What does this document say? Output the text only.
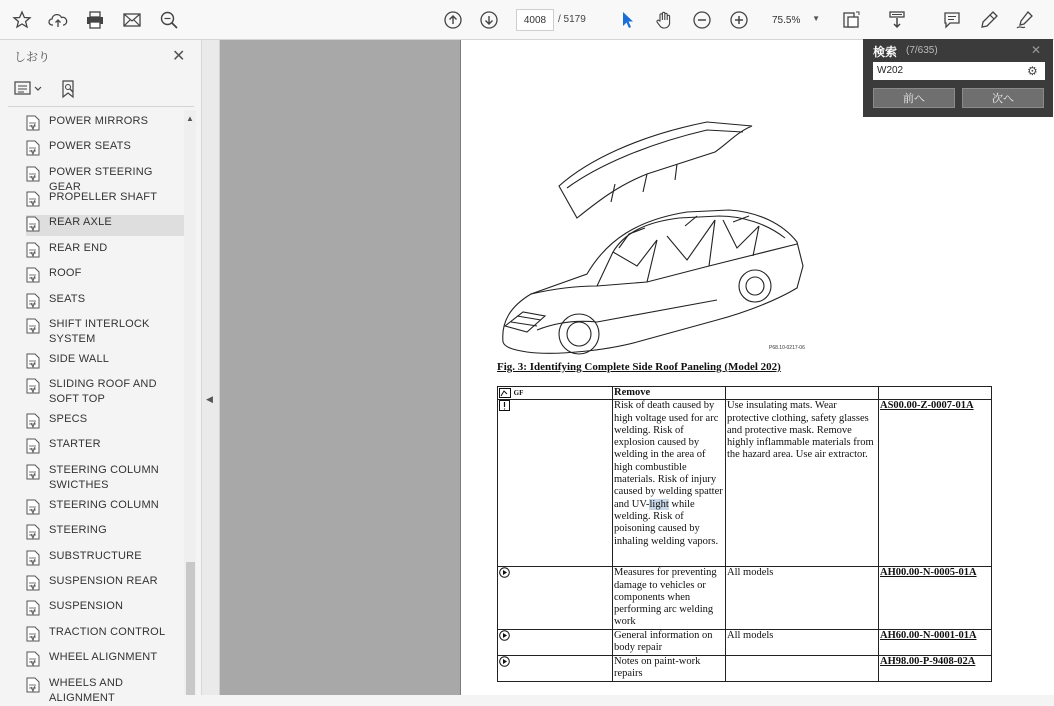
4008	/ 5179	75.5% ▼
しおり	✕
POWER MIRRORS
POWER SEATS
POWER STEERING GEAR
PROPELLER SHAFT
REAR AXLE
REAR END
ROOF
SEATS
SHIFT INTERLOCK SYSTEM
SIDE WALL
SLIDING ROOF AND SOFT TOP
SPECS
STARTER
STEERING COLUMN SWICTHES
STEERING COLUMN
STEERING
SUBSTRUCTURE
SUSPENSION REAR
SUSPENSION
TRACTION CONTROL
WHEEL ALIGNMENT
WHEELS AND ALIGNMENT
▲
◀
P68.10-0217-06
Fig. 3: Identifying Complete Side Roof Paneling (Model 202)
GF	Remove		
	Risk of death caused by high voltage used for arc welding. Risk of explosion caused by welding in the area of high combustible materials. Risk of injury caused by welding spatter and UV-light while welding. Risk of poisoning caused by inhaling welding vapors.	Use insulating mats. Wear protective clothing, safety glasses and protective mask. Remove highly inflammable materials from the hazard area. Use air extractor.	AS00.00-Z-0007-01A
	Measures for preventing damage to vehicles or components when performing arc welding work	All models	AH00.00-N-0005-01A
	General information on body repair	All models	AH60.00-N-0001-01A
	Notes on paint-work repairs		AH98.00-P-9408-02A
検索 (7/635)	✕
W202	⚙
前へ	次へ
